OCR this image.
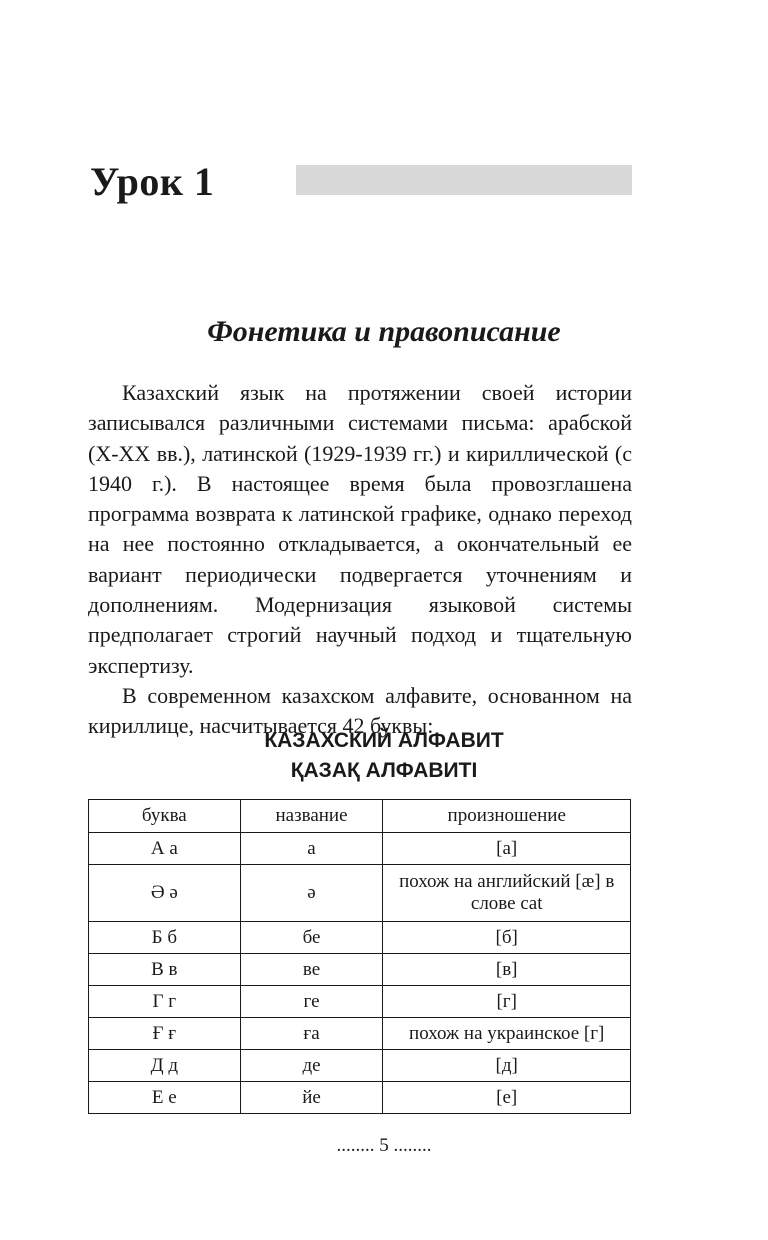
Урок 1
Фонетика и правописание

Казахский язык на протяжении своей истории записывался различными системами письма: арабской (X-XX вв.), латинской (1929-1939 гг.) и кириллической (с 1940 г.). В настоящее время была провозглашена программа возврата к латинской графике, однако переход на нее постоянно откладывается, а окончательный ее вариант периодически подвергается уточнениям и дополнениям. Модернизация языковой системы предполагает строгий научный подход и тщательную экспертизу.

В современном казахском алфавите, основанном на кириллице, насчитывается 42 буквы:

КАЗАХСКИЙ АЛФАВИТ
ҚАЗАҚ АЛФАВИТІ
буква	название	произношение
А а	а	[а]
Ә ә	ә	похож на английский [æ] в слове cat
Б б	бе	[б]
В в	ве	[в]
Г г	ге	[г]
Ғ ғ	ға	похож на украинское [г]
Д д	де	[д]
Е е	йе	[е]
........ 5 ........
